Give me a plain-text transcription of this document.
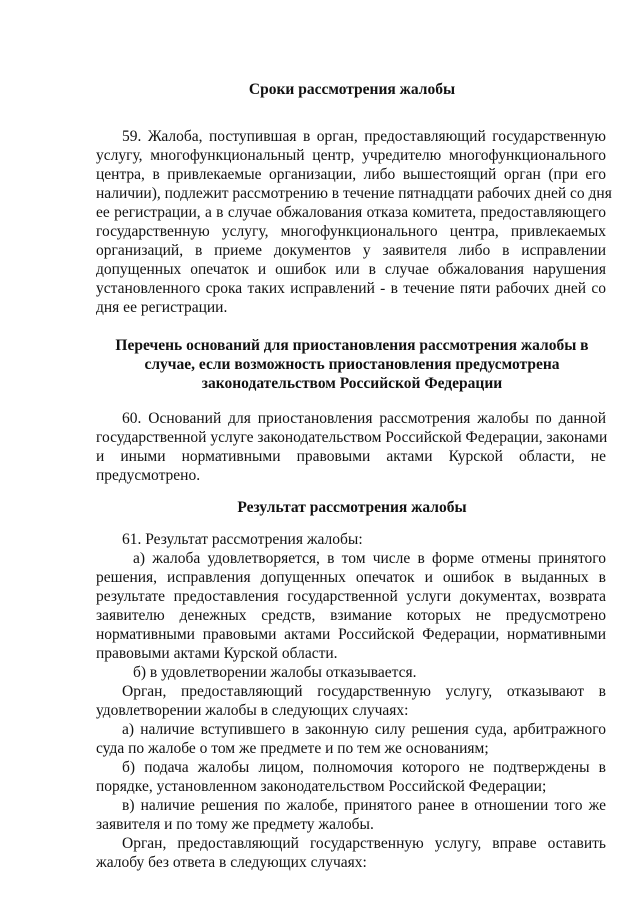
Сроки рассмотрения жалобы

59. Жалоба, поступившая в орган, предоставляющий государственную

услугу, многофункциональный центр, учредителю многофункционального

центра, в привлекаемые организации, либо вышестоящий орган (при его

наличии), подлежит рассмотрению в течение пятнадцати рабочих дней со дня

ее регистрации, а в случае обжалования отказа комитета, предоставляющего

государственную услугу, многофункционального центра, привлекаемых

организаций, в приеме документов у заявителя либо в исправлении

допущенных опечаток и ошибок или в случае обжалования нарушения

установленного срока таких исправлений - в течение пяти рабочих дней со

дня ее регистрации.

Перечень оснований для приостановления рассмотрения жалобы в
случае, если возможность приостановления предусмотрена
законодательством Российской Федерации

60. Оснований для приостановления рассмотрения жалобы по данной

государственной услуге законодательством Российской Федерации, законами

и иными нормативными правовыми актами Курской области, не

предусмотрено.

Результат рассмотрения жалобы

61. Результат рассмотрения жалобы:

а) жалоба удовлетворяется, в том числе в форме отмены принятого

решения, исправления допущенных опечаток и ошибок в выданных в

результате предоставления государственной услуги документах, возврата

заявителю денежных средств, взимание которых не предусмотрено

нормативными правовыми актами Российской Федерации, нормативными

правовыми актами Курской области.

б) в удовлетворении жалобы отказывается.

Орган, предоставляющий государственную услугу, отказывают в

удовлетворении жалобы в следующих случаях:

а) наличие вступившего в законную силу решения суда, арбитражного

суда по жалобе о том же предмете и по тем же основаниям;

б) подача жалобы лицом, полномочия которого не подтверждены в

порядке, установленном законодательством Российской Федерации;

в) наличие решения по жалобе, принятого ранее в отношении того же

заявителя и по тому же предмету жалобы.

Орган, предоставляющий государственную услугу, вправе оставить

жалобу без ответа в следующих случаях:
